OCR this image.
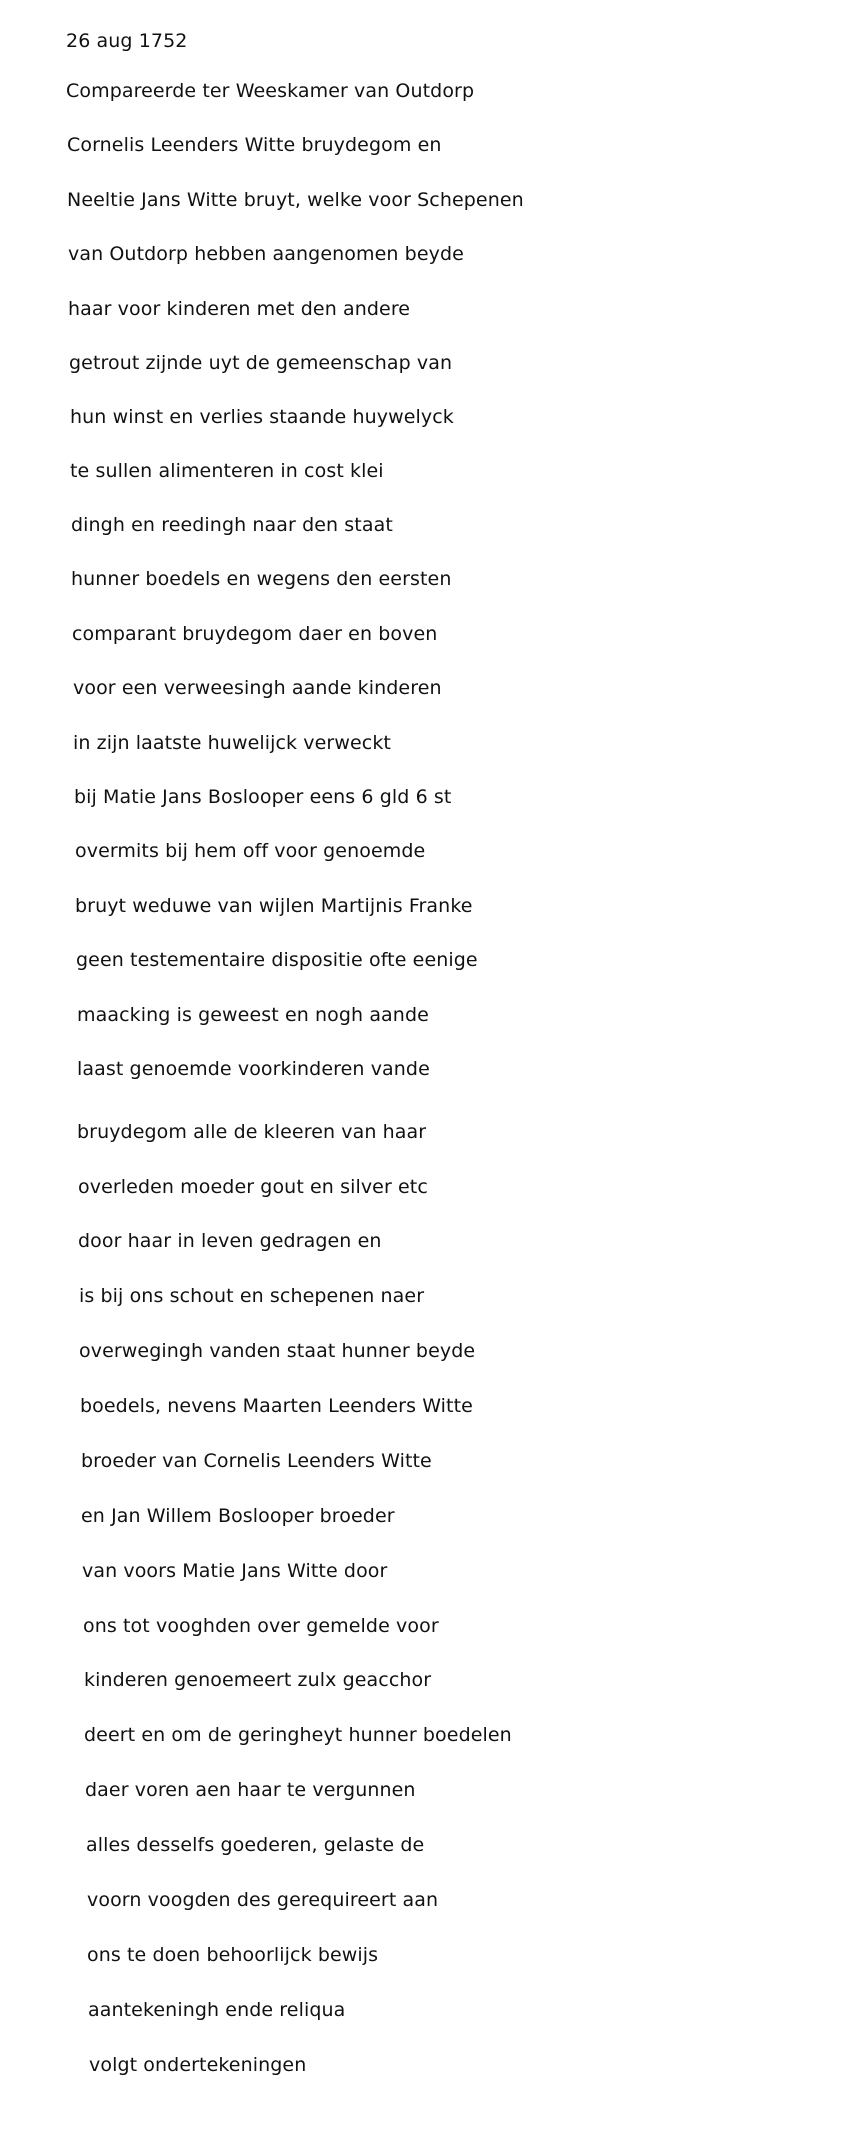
26 aug 1752
Compareerde ter Weeskamer van Outdorp
Cornelis Leenders Witte bruydegom en
Neeltie Jans Witte bruyt, welke voor Schepenen
van Outdorp hebben aangenomen beyde
haar voor kinderen met den andere
getrout zijnde uyt de gemeenschap van
hun winst en verlies staande huywelyck
te sullen alimenteren in cost klei
dingh en reedingh naar den staat
hunner boedels en wegens den eersten
comparant bruydegom daer en boven
voor een verweesingh aande kinderen
in zijn laatste huwelijck verweckt
bij Matie Jans Boslooper eens 6 gld 6 st
overmits bij hem off voor genoemde
bruyt weduwe van wijlen Martijnis Franke
geen testementaire dispositie ofte eenige
maacking is geweest en nogh aande
laast genoemde voorkinderen vande
bruydegom alle de kleeren van haar
overleden moeder gout en silver etc
door haar in leven gedragen en
is bij ons schout en schepenen naer
overwegingh vanden staat hunner beyde
boedels, nevens Maarten Leenders Witte
broeder van Cornelis Leenders Witte
en Jan Willem Boslooper broeder
van voors Matie Jans Witte door
ons tot vooghden over gemelde voor
kinderen genoemeert zulx geacchor
deert en om de geringheyt hunner boedelen
daer voren aen haar te vergunnen
alles desselfs goederen, gelaste de
voorn voogden des gerequireert aan
ons te doen behoorlijck bewijs
aantekeningh ende reliqua
volgt ondertekeningen
